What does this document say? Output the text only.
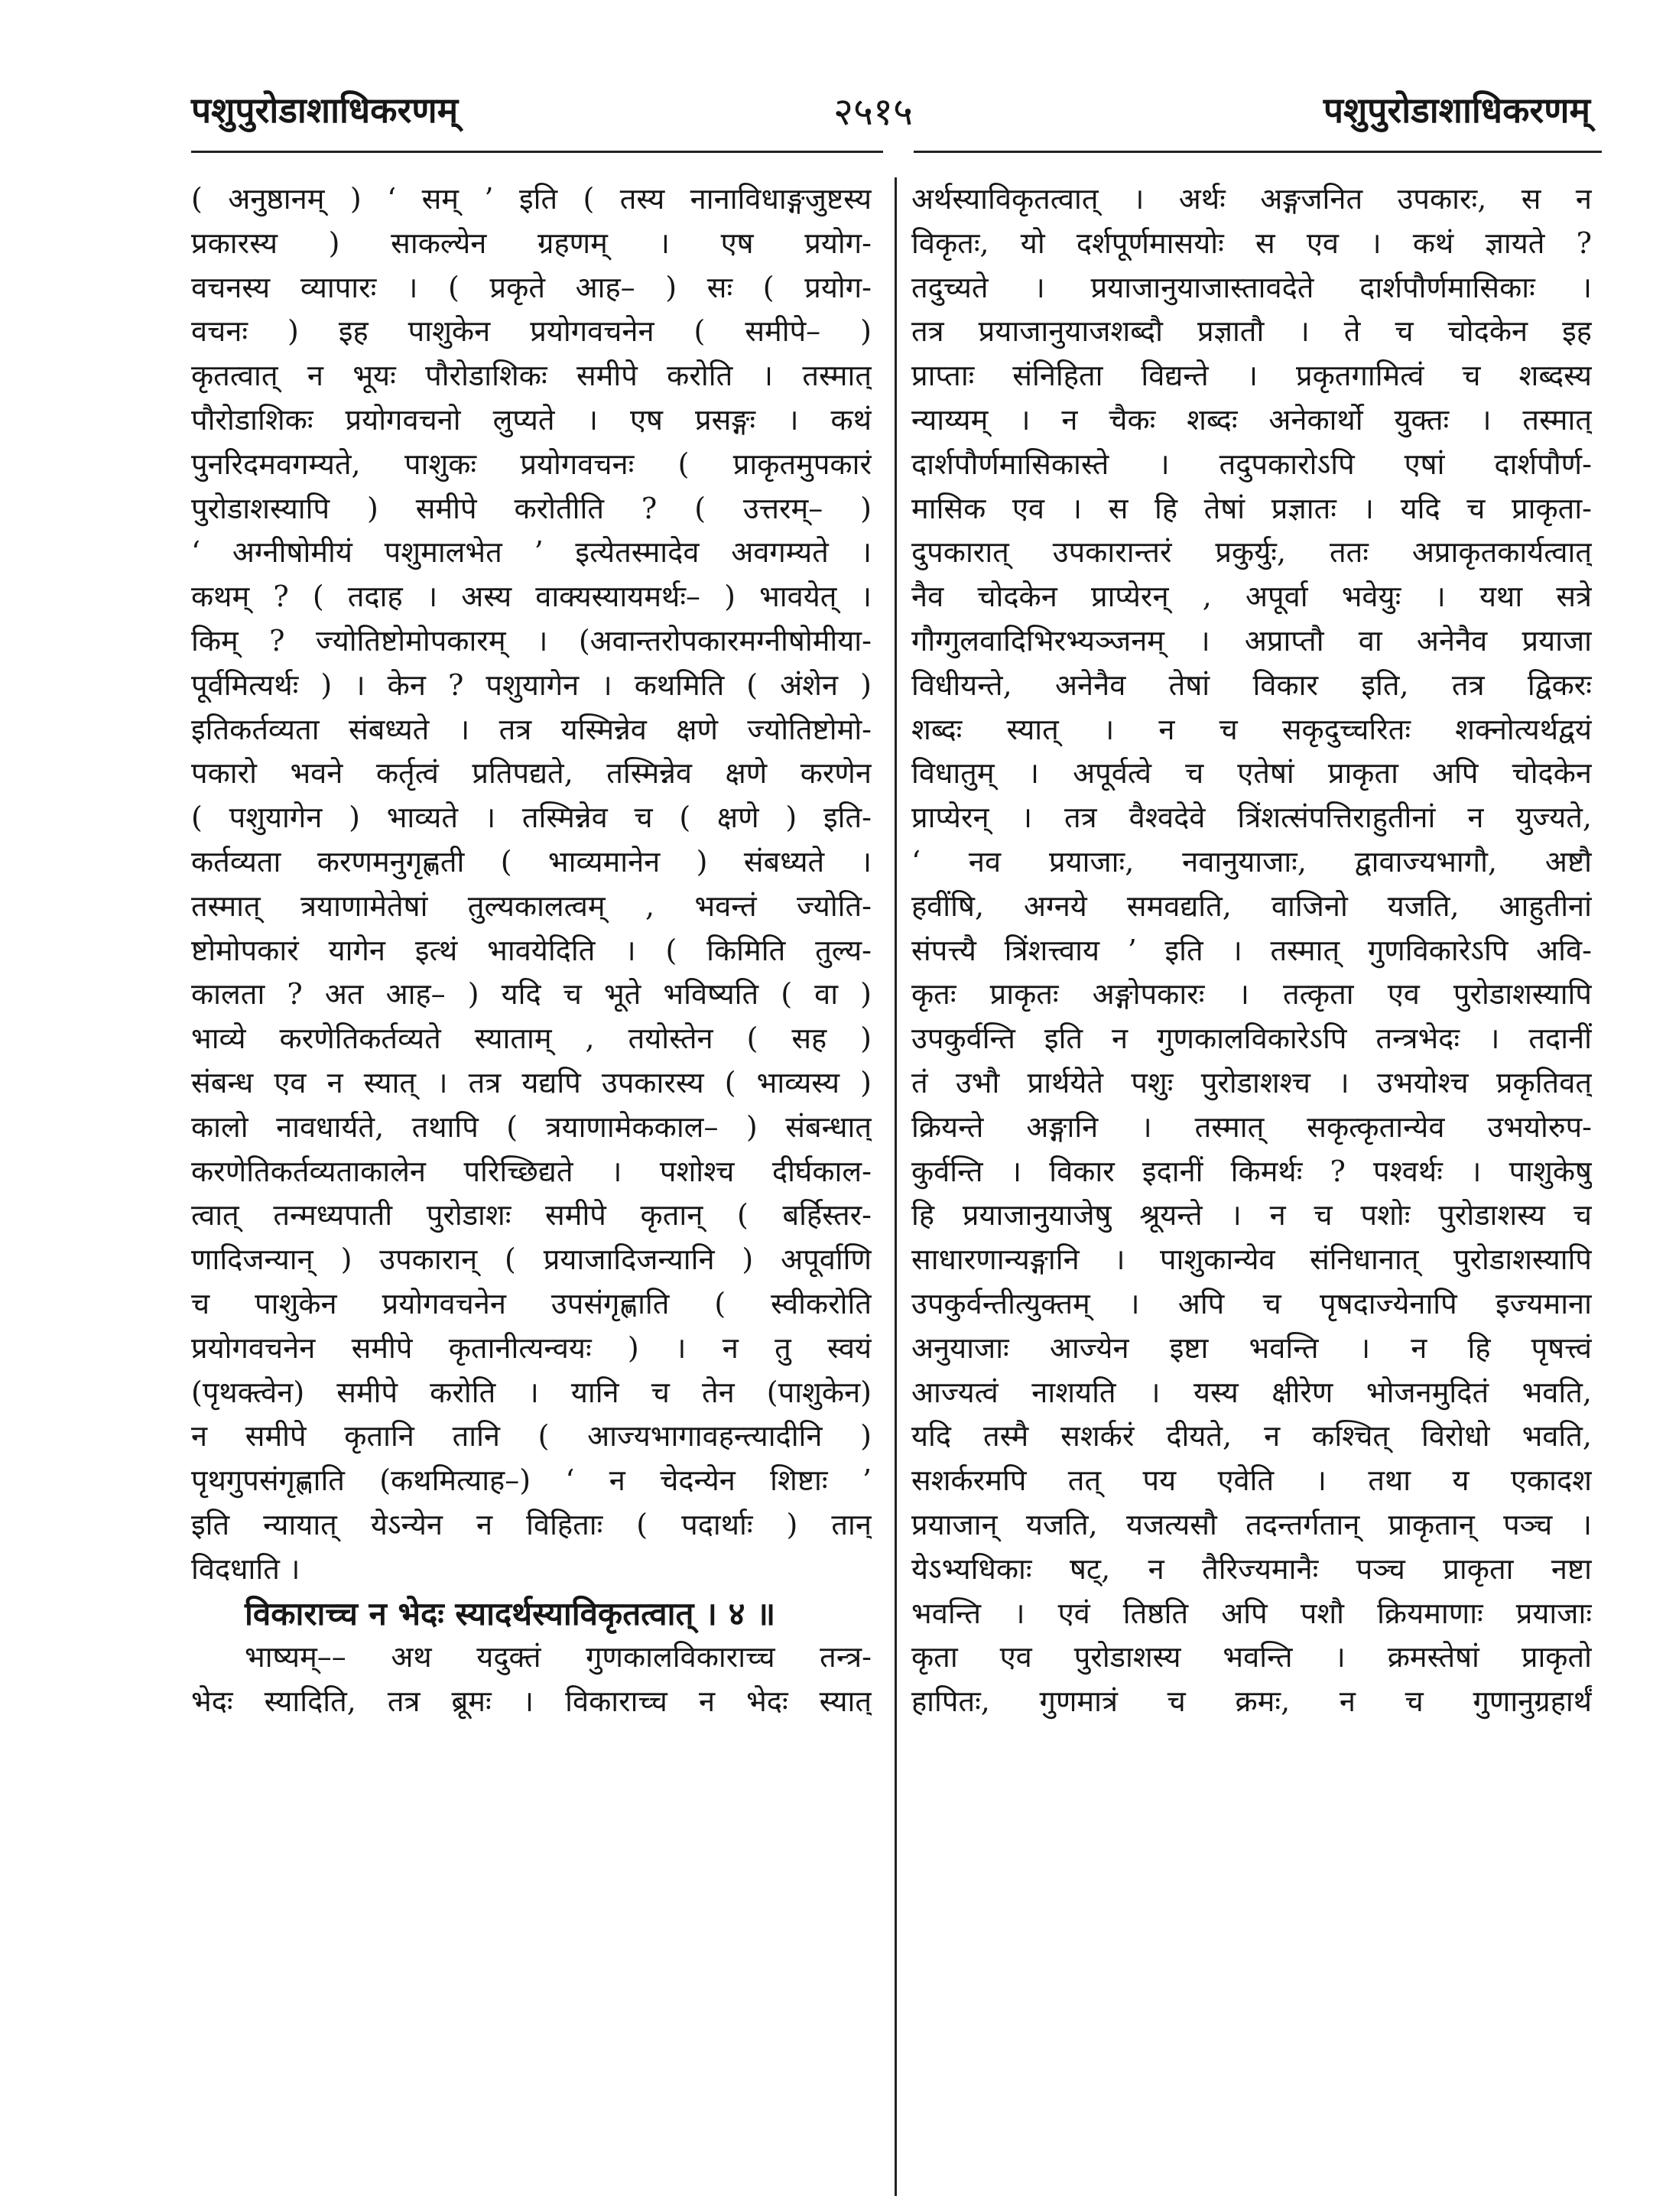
पशुपुरोडाशाधिकरणम्	२५१५	पशुपुरोडाशाधिकरणम्
( अनुष्ठानम् ) ‘ सम् ’ इति ( तस्य नानाविधाङ्गजुष्टस्य
प्रकारस्य ) साकल्येन ग्रहणम् । एष प्रयोग-
वचनस्य व्यापारः । ( प्रकृते आह– ) सः ( प्रयोग-
वचनः ) इह पाशुकेन प्रयोगवचनेन ( समीपे– )
कृतत्वात् न भूयः पौरोडाशिकः समीपे करोति । तस्मात्
पौरोडाशिकः प्रयोगवचनो लुप्यते । एष प्रसङ्गः । कथं
पुनरिदमवगम्यते, पाशुकः प्रयोगवचनः ( प्राकृतमुपकारं
पुरोडाशस्यापि ) समीपे करोतीति ? ( उत्तरम्– )
‘ अग्नीषोमीयं पशुमालभेत ’ इत्येतस्मादेव अवगम्यते ।
कथम् ? ( तदाह । अस्य वाक्यस्यायमर्थः– ) भावयेत् ।
किम् ? ज्योतिष्टोमोपकारम् । (अवान्तरोपकारमग्नीषोमीया-
पूर्वमित्यर्थः ) । केन ? पशुयागेन । कथमिति ( अंशेन )
इतिकर्तव्यता संबध्यते । तत्र यस्मिन्नेव क्षणे ज्योतिष्टोमो-
पकारो भवने कर्तृत्वं प्रतिपद्यते, तस्मिन्नेव क्षणे करणेन
( पशुयागेन ) भाव्यते । तस्मिन्नेव च ( क्षणे ) इति-
कर्तव्यता करणमनुगृह्णती ( भाव्यमानेन ) संबध्यते ।
तस्मात् त्रयाणामेतेषां तुल्यकालत्वम् , भवन्तं ज्योति-
ष्टोमोपकारं यागेन इत्थं भावयेदिति । ( किमिति तुल्य-
कालता ? अत आह– ) यदि च भूते भविष्यति ( वा )
भाव्ये करणेतिकर्तव्यते स्याताम् , तयोस्तेन ( सह )
संबन्ध एव न स्यात् । तत्र यद्यपि उपकारस्य ( भाव्यस्य )
कालो नावधार्यते, तथापि ( त्रयाणामेककाल– ) संबन्धात्
करणेतिकर्तव्यताकालेन परिच्छिद्यते । पशोश्च दीर्घकाल-
त्वात् तन्मध्यपाती पुरोडाशः समीपे कृतान् ( बर्हिस्तर-
णादिजन्यान् ) उपकारान् ( प्रयाजादिजन्यानि ) अपूर्वाणि
च पाशुकेन प्रयोगवचनेन उपसंगृह्णाति ( स्वीकरोति
प्रयोगवचनेन समीपे कृतानीत्यन्वयः ) । न तु स्वयं
(पृथक्त्वेन) समीपे करोति । यानि च तेन (पाशुकेन)
न समीपे कृतानि तानि ( आज्यभागावहन्त्यादीनि )
पृथगुपसंगृह्णाति (कथमित्याह–) ‘ न चेदन्येन शिष्टाः ’
इति न्यायात् येऽन्येन न विहिताः ( पदार्थाः ) तान्
विदधाति ।
विकाराच्च न भेदः स्यादर्थस्याविकृतत्वात् । ४ ॥
भाष्यम्–– अथ यदुक्तं गुणकालविकाराच्च तन्त्र-
भेदः स्यादिति, तत्र ब्रूमः । विकाराच्च न भेदः स्यात्
अर्थस्याविकृतत्वात् । अर्थः अङ्गजनित उपकारः, स न
विकृतः, यो दर्शपूर्णमासयोः स एव । कथं ज्ञायते ?
तदुच्यते । प्रयाजानुयाजास्तावदेते दार्शपौर्णमासिकाः ।
तत्र प्रयाजानुयाजशब्दौ प्रज्ञातौ । ते च चोदकेन इह
प्राप्ताः संनिहिता विद्यन्ते । प्रकृतगामित्वं च शब्दस्य
न्याय्यम् । न चैकः शब्दः अनेकार्थो युक्तः । तस्मात्
दार्शपौर्णमासिकास्ते । तदुपकारोऽपि एषां दार्शपौर्ण-
मासिक एव । स हि तेषां प्रज्ञातः । यदि च प्राकृता-
दुपकारात् उपकारान्तरं प्रकुर्युः, ततः अप्राकृतकार्यत्वात्
नैव चोदकेन प्राप्येरन् , अपूर्वा भवेयुः । यथा सत्रे
गौग्गुलवादिभिरभ्यञ्जनम् । अप्राप्तौ वा अनेनैव प्रयाजा
विधीयन्ते, अनेनैव तेषां विकार इति, तत्र द्विकरः
शब्दः स्यात् । न च सकृदुच्चरितः शक्नोत्यर्थद्वयं
विधातुम् । अपूर्वत्वे च एतेषां प्राकृता अपि चोदकेन
प्राप्येरन् । तत्र वैश्वदेवे त्रिंशत्संपत्तिराहुतीनां न युज्यते,
‘ नव प्रयाजाः, नवानुयाजाः, द्वावाज्यभागौ, अष्टौ
हवींषि, अग्नये समवद्यति, वाजिनो यजति, आहुतीनां
संपत्त्यै त्रिंशत्त्वाय ’ इति । तस्मात् गुणविकारेऽपि अवि-
कृतः प्राकृतः अङ्गोपकारः । तत्कृता एव पुरोडाशस्यापि
उपकुर्वन्ति इति न गुणकालविकारेऽपि तन्त्रभेदः । तदानीं
तं उभौ प्रार्थयेते पशुः पुरोडाशश्च । उभयोश्च प्रकृतिवत्
क्रियन्ते अङ्गानि । तस्मात् सकृत्कृतान्येव उभयोरुप-
कुर्वन्ति । विकार इदानीं किमर्थः ? पश्वर्थः । पाशुकेषु
हि प्रयाजानुयाजेषु श्रूयन्ते । न च पशोः पुरोडाशस्य च
साधारणान्यङ्गानि । पाशुकान्येव संनिधानात् पुरोडाशस्यापि
उपकुर्वन्तीत्युक्तम् । अपि च पृषदाज्येनापि इज्यमाना
अनुयाजाः आज्येन इष्टा भवन्ति । न हि पृषत्त्वं
आज्यत्वं नाशयति । यस्य क्षीरेण भोजनमुदितं भवति,
यदि तस्मै सशर्करं दीयते, न कश्चित् विरोधो भवति,
सशर्करमपि तत् पय एवेति । तथा य एकादश
प्रयाजान् यजति, यजत्यसौ तदन्तर्गतान् प्राकृतान् पञ्च ।
येऽभ्यधिकाः षट्, न तैरिज्यमानैः पञ्च प्राकृता नष्टा
भवन्ति । एवं तिष्ठति अपि पशौ क्रियमाणाः प्रयाजाः
कृता एव पुरोडाशस्य भवन्ति । क्रमस्तेषां प्राकृतो
हापितः, गुणमात्रं च क्रमः, न च गुणानुग्रहार्थं
